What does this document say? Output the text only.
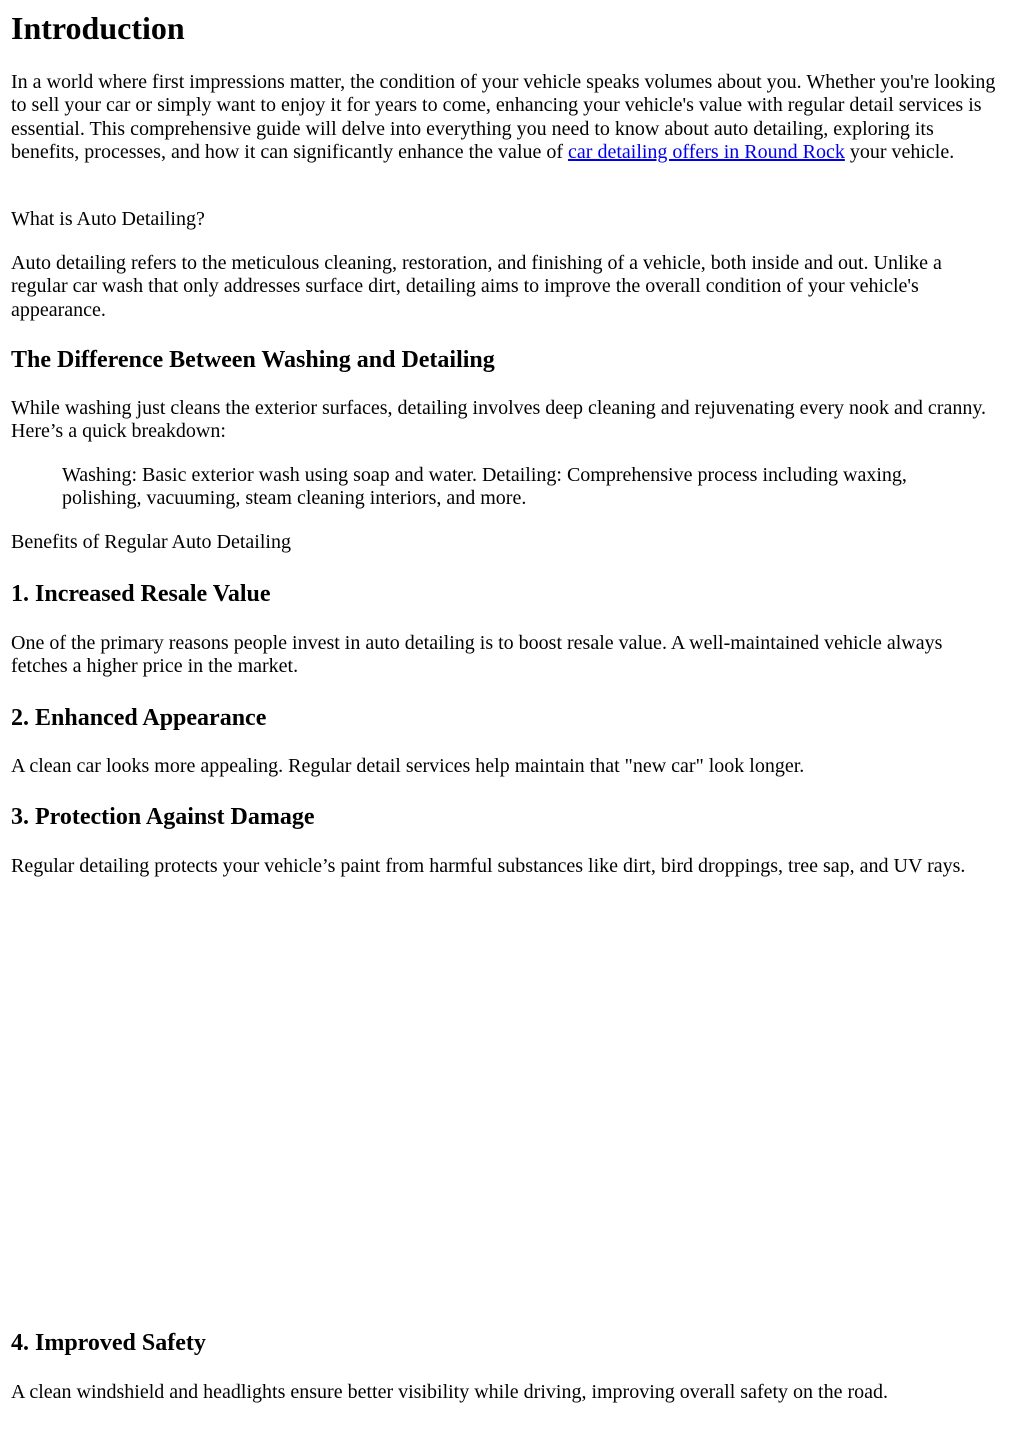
Introduction

In a world where first impressions matter, the condition of your vehicle speaks volumes about you. Whether you're looking to sell your car or simply want to enjoy it for years to come, enhancing your vehicle's value with regular detail services is essential. This comprehensive guide will delve into everything you need to know about auto detailing, exploring its benefits, processes, and how it can significantly enhance the value of car detailing offers in Round Rock your vehicle.

What is Auto Detailing?

Auto detailing refers to the meticulous cleaning, restoration, and finishing of a vehicle, both inside and out. Unlike a regular car wash that only addresses surface dirt, detailing aims to improve the overall condition of your vehicle's appearance.

The Difference Between Washing and Detailing

While washing just cleans the exterior surfaces, detailing involves deep cleaning and rejuvenating every nook and cranny. Here’s a quick breakdown:

Washing: Basic exterior wash using soap and water. Detailing: Comprehensive process including waxing, polishing, vacuuming, steam cleaning interiors, and more.

Benefits of Regular Auto Detailing

1. Increased Resale Value

One of the primary reasons people invest in auto detailing is to boost resale value. A well-maintained vehicle always fetches a higher price in the market.

2. Enhanced Appearance

A clean car looks more appealing. Regular detail services help maintain that "new car" look longer.

3. Protection Against Damage

Regular detailing protects your vehicle’s paint from harmful substances like dirt, bird droppings, tree sap, and UV rays.

4. Improved Safety

A clean windshield and headlights ensure better visibility while driving, improving overall safety on the road.
